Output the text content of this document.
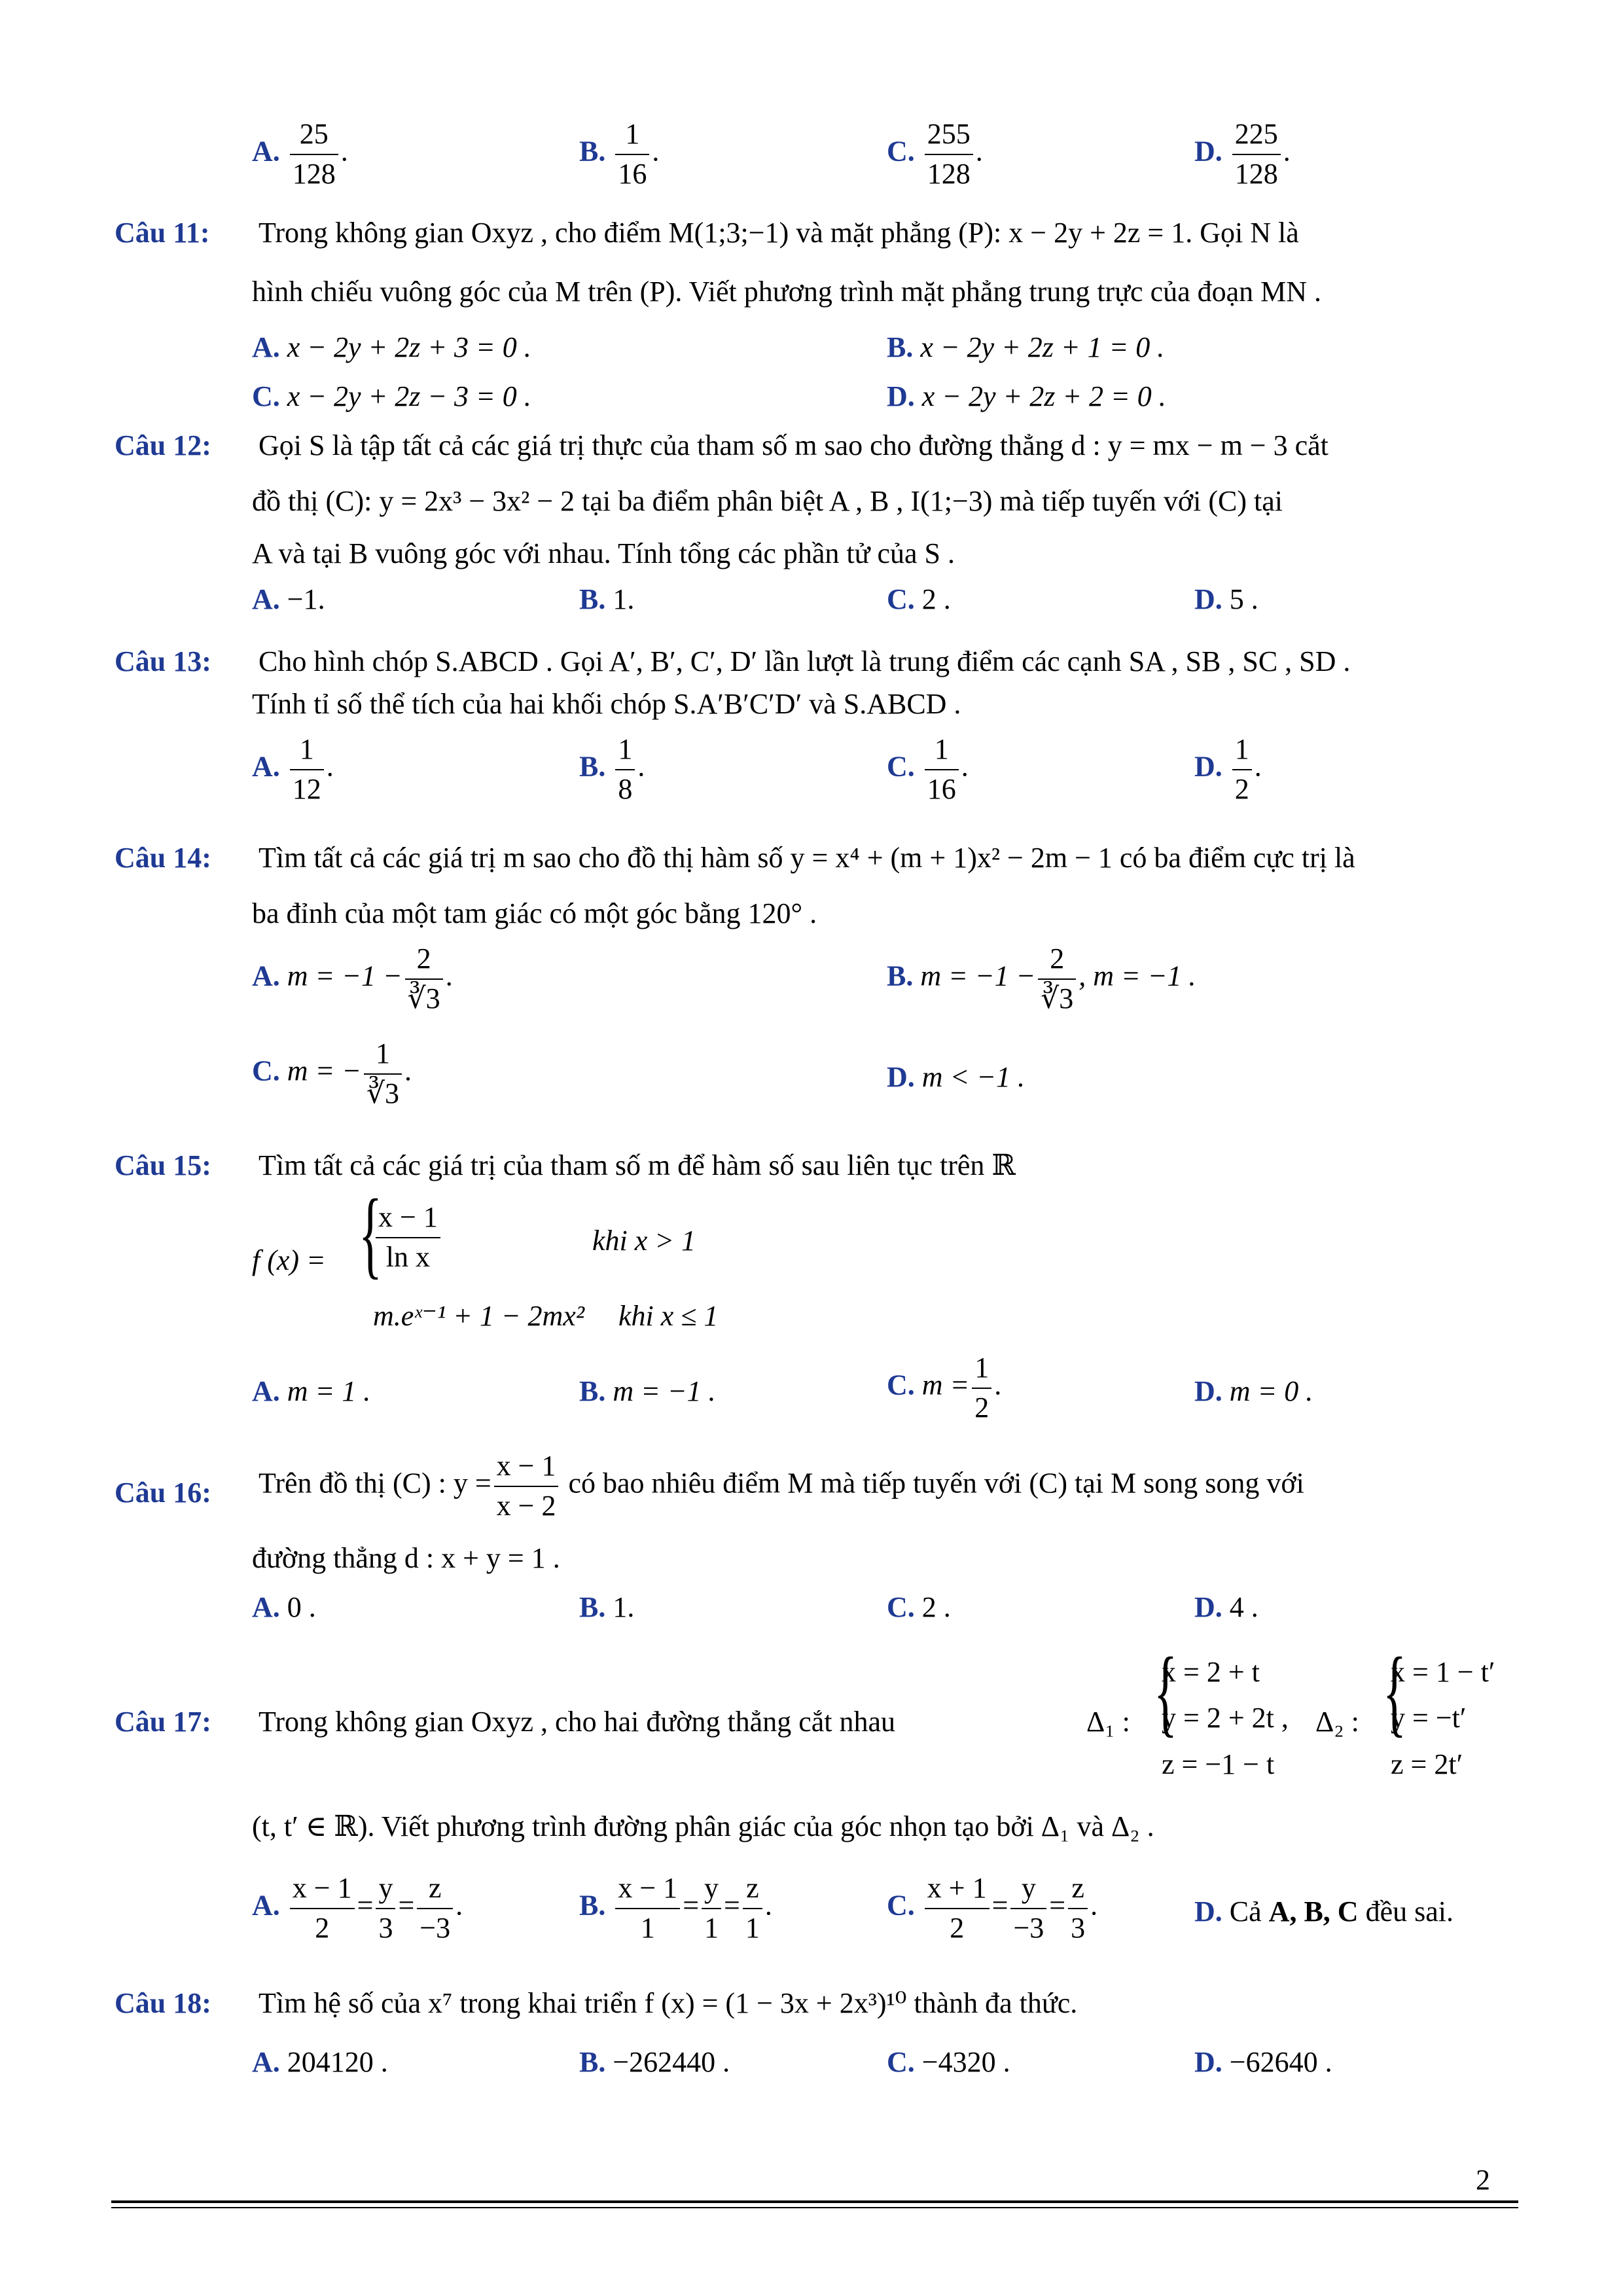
A. $\frac{25}{128}$ .	B. $\frac{1}{16}$ .	C. $\frac{255}{128}$ .	D. $\frac{225}{128}$ .
Câu 11: Trong không gian Oxyz , cho điểm M(1;3;−1) và mặt phẳng (P): x − 2y + 2z = 1. Gọi N là
hình chiếu vuông góc của M trên (P). Viết phương trình mặt phẳng trung trực của đoạn MN .
A. x − 2y + 2z + 3 = 0 .	B. x − 2y + 2z + 1 = 0 .
C. x − 2y + 2z − 3 = 0 .	D. x − 2y + 2z + 2 = 0 .
Câu 12: Gọi S là tập tất cả các giá trị thực của tham số m sao cho đường thẳng d : y = mx − m − 3 cắt
đồ thị (C): y = 2x³ − 3x² − 2 tại ba điểm phân biệt A , B , I(1;−3) mà tiếp tuyến với (C) tại
A và tại B vuông góc với nhau. Tính tổng các phần tử của S .
A. −1.	B. 1.	C. 2 .	D. 5 .
Câu 13: Cho hình chóp S.ABCD . Gọi A′, B′, C′, D′ lần lượt là trung điểm các cạnh SA , SB , SC , SD .
Tính tỉ số thể tích của hai khối chóp S.A′B′C′D′ và S.ABCD .
A. $\frac{1}{12}$ .	B. $\frac{1}{8}$ .	C. $\frac{1}{16}$ .	D. $\frac{1}{2}$ .
Câu 14: Tìm tất cả các giá trị m sao cho đồ thị hàm số y = x⁴ + (m + 1)x² − 2m − 1 có ba điểm cực trị là
ba đỉnh của một tam giác có một góc bằng 120° .
A. $m = -1 - \frac{2}{∛3}$ .	B. $m = -1 - \frac{2}{∛3}$ , m = −1 .
C. m = − $\frac{1}{∛3}$ .	D. m < −1 .
Câu 15: Tìm tất cả các giá trị của tham số m để hàm số sau liên tục trên ℝ
f (x) = {
$\frac{x - 1}{\text{ln x}}$	khi x > 1
m.eˣ⁻¹ + 1 − 2mx² khi x ≤ 1
A. m = 1 .	B. m = −1 .	C. $m = \frac{1}{2}$ .	D. m = 0 .
Câu 16: Trên đồ thị (C) : $y = \frac{x - 1}{x - 2}$ có bao nhiêu điểm M mà tiếp tuyến với (C) tại M song song với
đường thẳng d : x + y = 1 .
A. 0 .	B. 1.	C. 2 .	D. 4 .
Câu 17: Trong không gian Oxyz , cho hai đường thẳng cắt nhau	Δ₁ : {
x = 2 + t
y = 2 + 2t ,
z = −1 − t
Δ₂ : {
x = 1 − t′
y = −t′
z = 2t′
(t, t′ ∈ ℝ). Viết phương trình đường phân giác của góc nhọn tạo bởi Δ₁ và Δ₂ .
A. $\frac{x - 1}{2} = \frac{y}{3} = \frac{z}{-3}$ .	B. $\frac{x - 1}{1} = \frac{y}{1} = \frac{z}{1}$ .	C. $\frac{x + 1}{2} = \frac{y}{-3} = \frac{z}{3}$ .	D. Cả A, B, C đều sai.
Câu 18: Tìm hệ số của x⁷ trong khai triển f (x) = (1 − 3x + 2x³)¹⁰ thành đa thức.
A. 204120 .	B. −262440 .	C. −4320 .	D. −62640 .
2
